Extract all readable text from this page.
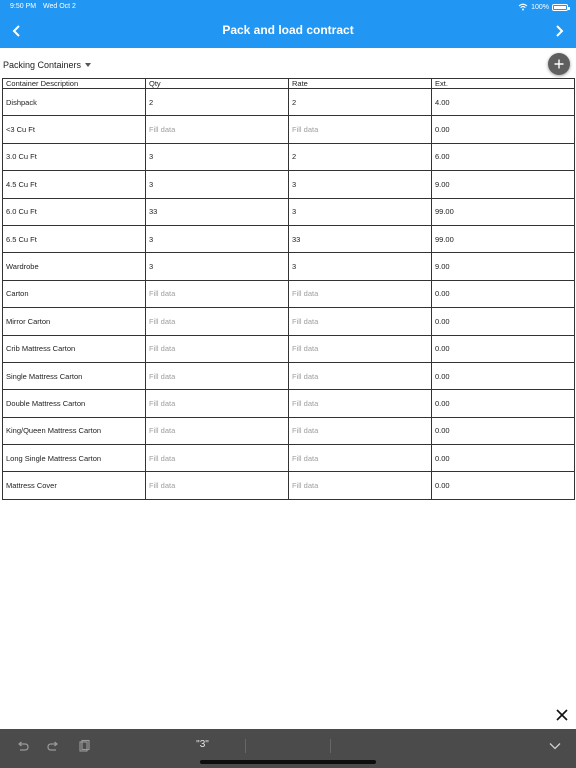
9:50 PM Wed Oct 2	100%
Pack and load contract
Packing Containers
Container Description	Qty	Rate	Ext.
Dishpack	2	2	4.00
<3 Cu Ft	Fill data	Fill data	0.00
3.0 Cu Ft	3	2	6.00
4.5 Cu Ft	3	3	9.00
6.0 Cu Ft	33	3	99.00
6.5 Cu Ft	3	33	99.00
Wardrobe	3	3	9.00
Carton	Fill data	Fill data	0.00
Mirror Carton	Fill data	Fill data	0.00
Crib Mattress Carton	Fill data	Fill data	0.00
Single Mattress Carton	Fill data	Fill data	0.00
Double Mattress Carton	Fill data	Fill data	0.00
King/Queen Mattress Carton	Fill data	Fill data	0.00
Long Single Mattress Carton	Fill data	Fill data	0.00
Mattress Cover	Fill data	Fill data	0.00
"3"
